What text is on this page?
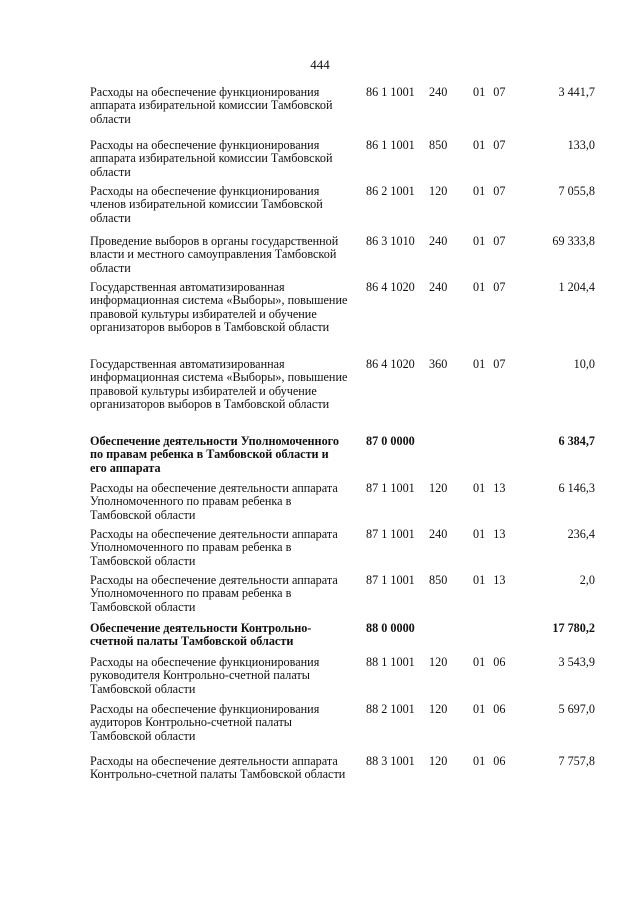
444
Расходы на обеспечение функционирования аппарата избирательной комиссии Тамбовской области
86 1 1001 240 01 07	3 441,7
Расходы на обеспечение функционирования аппарата избирательной комиссии Тамбовской области
86 1 1001 850 01 07	133,0
Расходы на обеспечение функционирования членов избирательной комиссии Тамбовской области
86 2 1001 120 01 07	7 055,8
Проведение выборов в органы государственной власти и местного самоуправления Тамбовской области
86 3 1010 240 01 07	69 333,8
Государственная автоматизированная информационная система «Выборы», повышение правовой культуры избирателей и обучение организаторов выборов в Тамбовской области
86 4 1020 240 01 07	1 204,4
Государственная автоматизированная информационная система «Выборы», повышение правовой культуры избирателей и обучение организаторов выборов в Тамбовской области
86 4 1020 360 01 07	10,0
Обеспечение деятельности Уполномоченного по правам ребенка в Тамбовской области и его аппарата
87 0 0000	6 384,7
Расходы на обеспечение деятельности аппарата Уполномоченного по правам ребенка в Тамбовской области
87 1 1001 120 01 13	6 146,3
Расходы на обеспечение деятельности аппарата Уполномоченного по правам ребенка в Тамбовской области
87 1 1001 240 01 13	236,4
Расходы на обеспечение деятельности аппарата Уполномоченного по правам ребенка в Тамбовской области
87 1 1001 850 01 13	2,0
Обеспечение деятельности Контрольно-счетной палаты Тамбовской области
88 0 0000	17 780,2
Расходы на обеспечение функционирования руководителя Контрольно-счетной палаты Тамбовской области
88 1 1001 120 01 06	3 543,9
Расходы на обеспечение функционирования аудиторов Контрольно-счетной палаты Тамбовской области
88 2 1001 120 01 06	5 697,0
Расходы на обеспечение деятельности аппарата Контрольно-счетной палаты Тамбовской области
88 3 1001 120 01 06	7 757,8
